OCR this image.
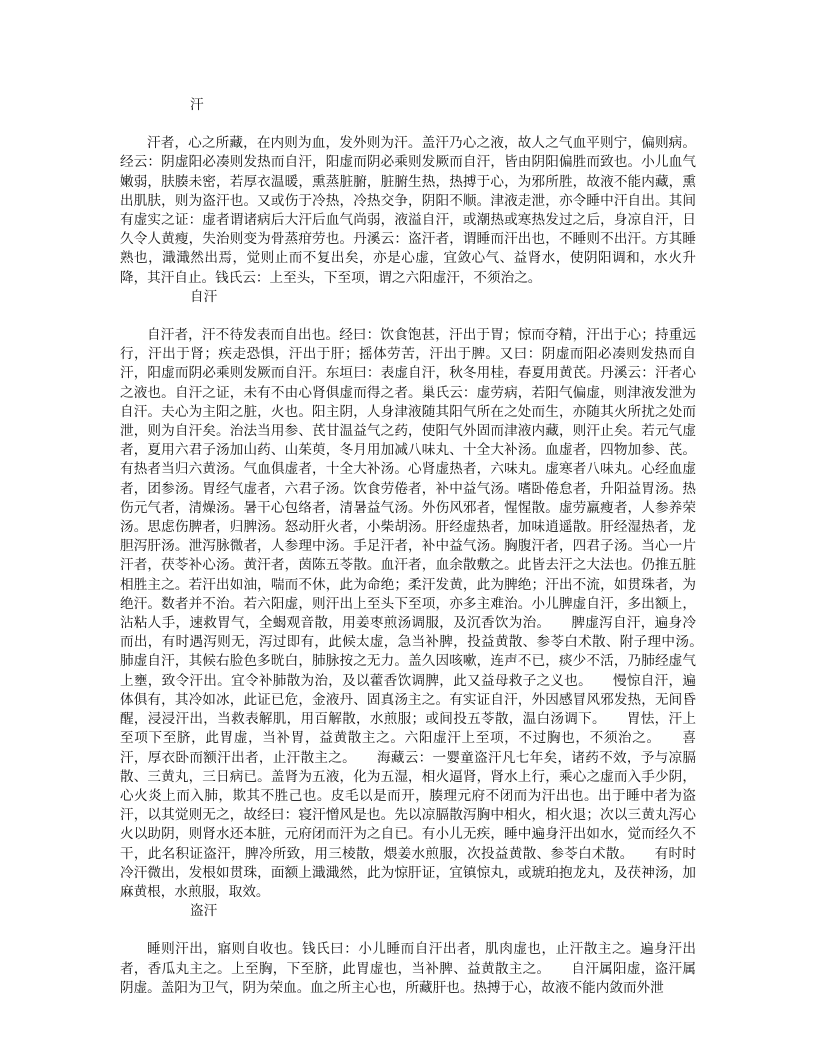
汗
汗者，心之所藏，在内则为血，发外则为汗。盖汗乃心之液，故人之气血平则宁，偏则病。经云：阴虚阳必凑则发热而自汗，阳虚而阴必乘则发厥而自汗，皆由阴阳偏胜而致也。小儿血气嫩弱，肤腠未密，若厚衣温暖，熏蒸脏腑，脏腑生热，热搏于心，为邪所胜，故液不能内藏，熏出肌肤，则为盗汗也。又或伤于冷热，冷热交争，阴阳不顺。津液走泄，亦令睡中汗自出。其间有虚实之证：虚者谓诸病后大汗后血气尚弱，液溢自汗，或潮热或寒热发过之后，身凉自汗，日久令人黄瘦，失治则变为骨蒸疳劳也。丹溪云：盗汗者，谓睡而汗出也，不睡则不出汗。方其睡熟也，濈濈然出焉，觉则止而不复出矣，亦是心虚，宜敛心气、益肾水，使阴阳调和，水火升降，其汗自止。钱氏云：上至头，下至项，谓之六阳虚汗，不须治之。
自汗
自汗者，汗不待发表而自出也。经曰：饮食饱甚，汗出于胃；惊而夺精，汗出于心；持重远行，汗出于肾；疾走恐惧，汗出于肝；摇体劳苦，汗出于脾。又曰：阴虚而阳必凑则发热而自汗，阳虚而阴必乘则发厥而自汗。东垣曰：表虚自汗，秋冬用桂，春夏用黄芪。丹溪云：汗者心之液也。自汗之证，未有不由心肾俱虚而得之者。巢氏云：虚劳病，若阳气偏虚，则津液发泄为自汗。夫心为主阳之脏，火也。阳主阴，人身津液随其阳气所在之处而生，亦随其火所扰之处而泄，则为自汗矣。治法当用参、芪甘温益气之药，使阳气外固而津液内藏，则汗止矣。若元气虚者，夏用六君子汤加山药、山茱萸，冬月用加减八味丸、十全大补汤。血虚者，四物加参、芪。有热者当归六黄汤。气血俱虚者，十全大补汤。心肾虚热者，六味丸。虚寒者八味丸。心经血虚者，团参汤。胃经气虚者，六君子汤。饮食劳倦者，补中益气汤。嗜卧倦怠者，升阳益胃汤。热伤元气者，清燥汤。暑干心包络者，清暑益气汤。外伤风邪者，惺惺散。虚劳羸瘦者，人参养荣汤。思虑伤脾者，归脾汤。怒动肝火者，小柴胡汤。肝经虚热者，加味逍遥散。肝经湿热者，龙胆泻肝汤。泄泻脉微者，人参理中汤。手足汗者，补中益气汤。胸腹汗者，四君子汤。当心一片汗者，茯苓补心汤。黄汗者，茵陈五苓散。血汗者，血余散敷之。此皆去汗之大法也。仍推五脏相胜主之。若汗出如油，喘而不休，此为命绝；柔汗发黄，此为脾绝；汗出不流，如贯珠者，为绝汗。数者并不治。若六阳虚，则汗出上至头下至项，亦多主难治。小儿脾虚自汗，多出额上，沾粘人手，速救胃气，全蝎观音散，用姜枣煎汤调服，及沉香饮为治。　　脾虚泻自汗，遍身冷而出，有时遇泻则无，泻过即有，此候太虚，急当补脾，投益黄散、参苓白术散、附子理中汤。　　肺虚自汗，其候右脸色多晄白，肺脉按之无力。盖久因咳嗽，连声不已，痰少不活，乃肺经虚气上壅，致令汗出。宜令补肺散为治，及以藿香饮调脾，此又益母救子之义也。　　慢惊自汗，遍体俱有，其冷如冰，此证已危，金液丹、固真汤主之。有实证自汗，外因感冒风邪发热，无间昏醒，浸浸汗出，当救表解肌，用百解散，水煎服；或间投五苓散，温白汤调下。　　胃怯，汗上至项下至脐，此胃虚，当补胃，益黄散主之。六阳虚汗上至项，不过胸也，不须治之。　　喜汗，厚衣卧而额汗出者，止汗散主之。　　海藏云：一婴童盗汗凡七年矣，诸药不效，予与凉膈散、三黄丸，三日病已。盖肾为五液，化为五湿，相火逼肾，肾水上行，乘心之虚而入手少阴，心火炎上而入肺，欺其不胜己也。皮毛以是而开，腠理元府不闭而为汗出也。出于睡中者为盗汗，以其觉则无之，故经曰：寝汗憎风是也。先以凉膈散泻胸中相火，相火退；次以三黄丸泻心火以助阴，则肾水还本脏，元府闭而汗为之自已。有小儿无疾，睡中遍身汗出如水，觉而经久不干，此名积证盗汗，脾冷所致，用三棱散，煨姜水煎服，次投益黄散、参苓白术散。　　有时时冷汗微出，发根如贯珠，面额上濈濈然，此为惊肝证，宜镇惊丸，或琥珀抱龙丸，及茯神汤，加麻黄根，水煎服，取效。
盗汗
睡则汗出，寤则自收也。钱氏曰：小儿睡而自汗出者，肌肉虚也，止汗散主之。遍身汗出者，香瓜丸主之。上至胸，下至脐，此胃虚也，当补脾、益黄散主之。　　自汗属阳虚，盗汗属阴虚。盖阳为卫气，阴为荣血。血之所主心也，所藏肝也。热搏于心，故液不能内敛而外泄
